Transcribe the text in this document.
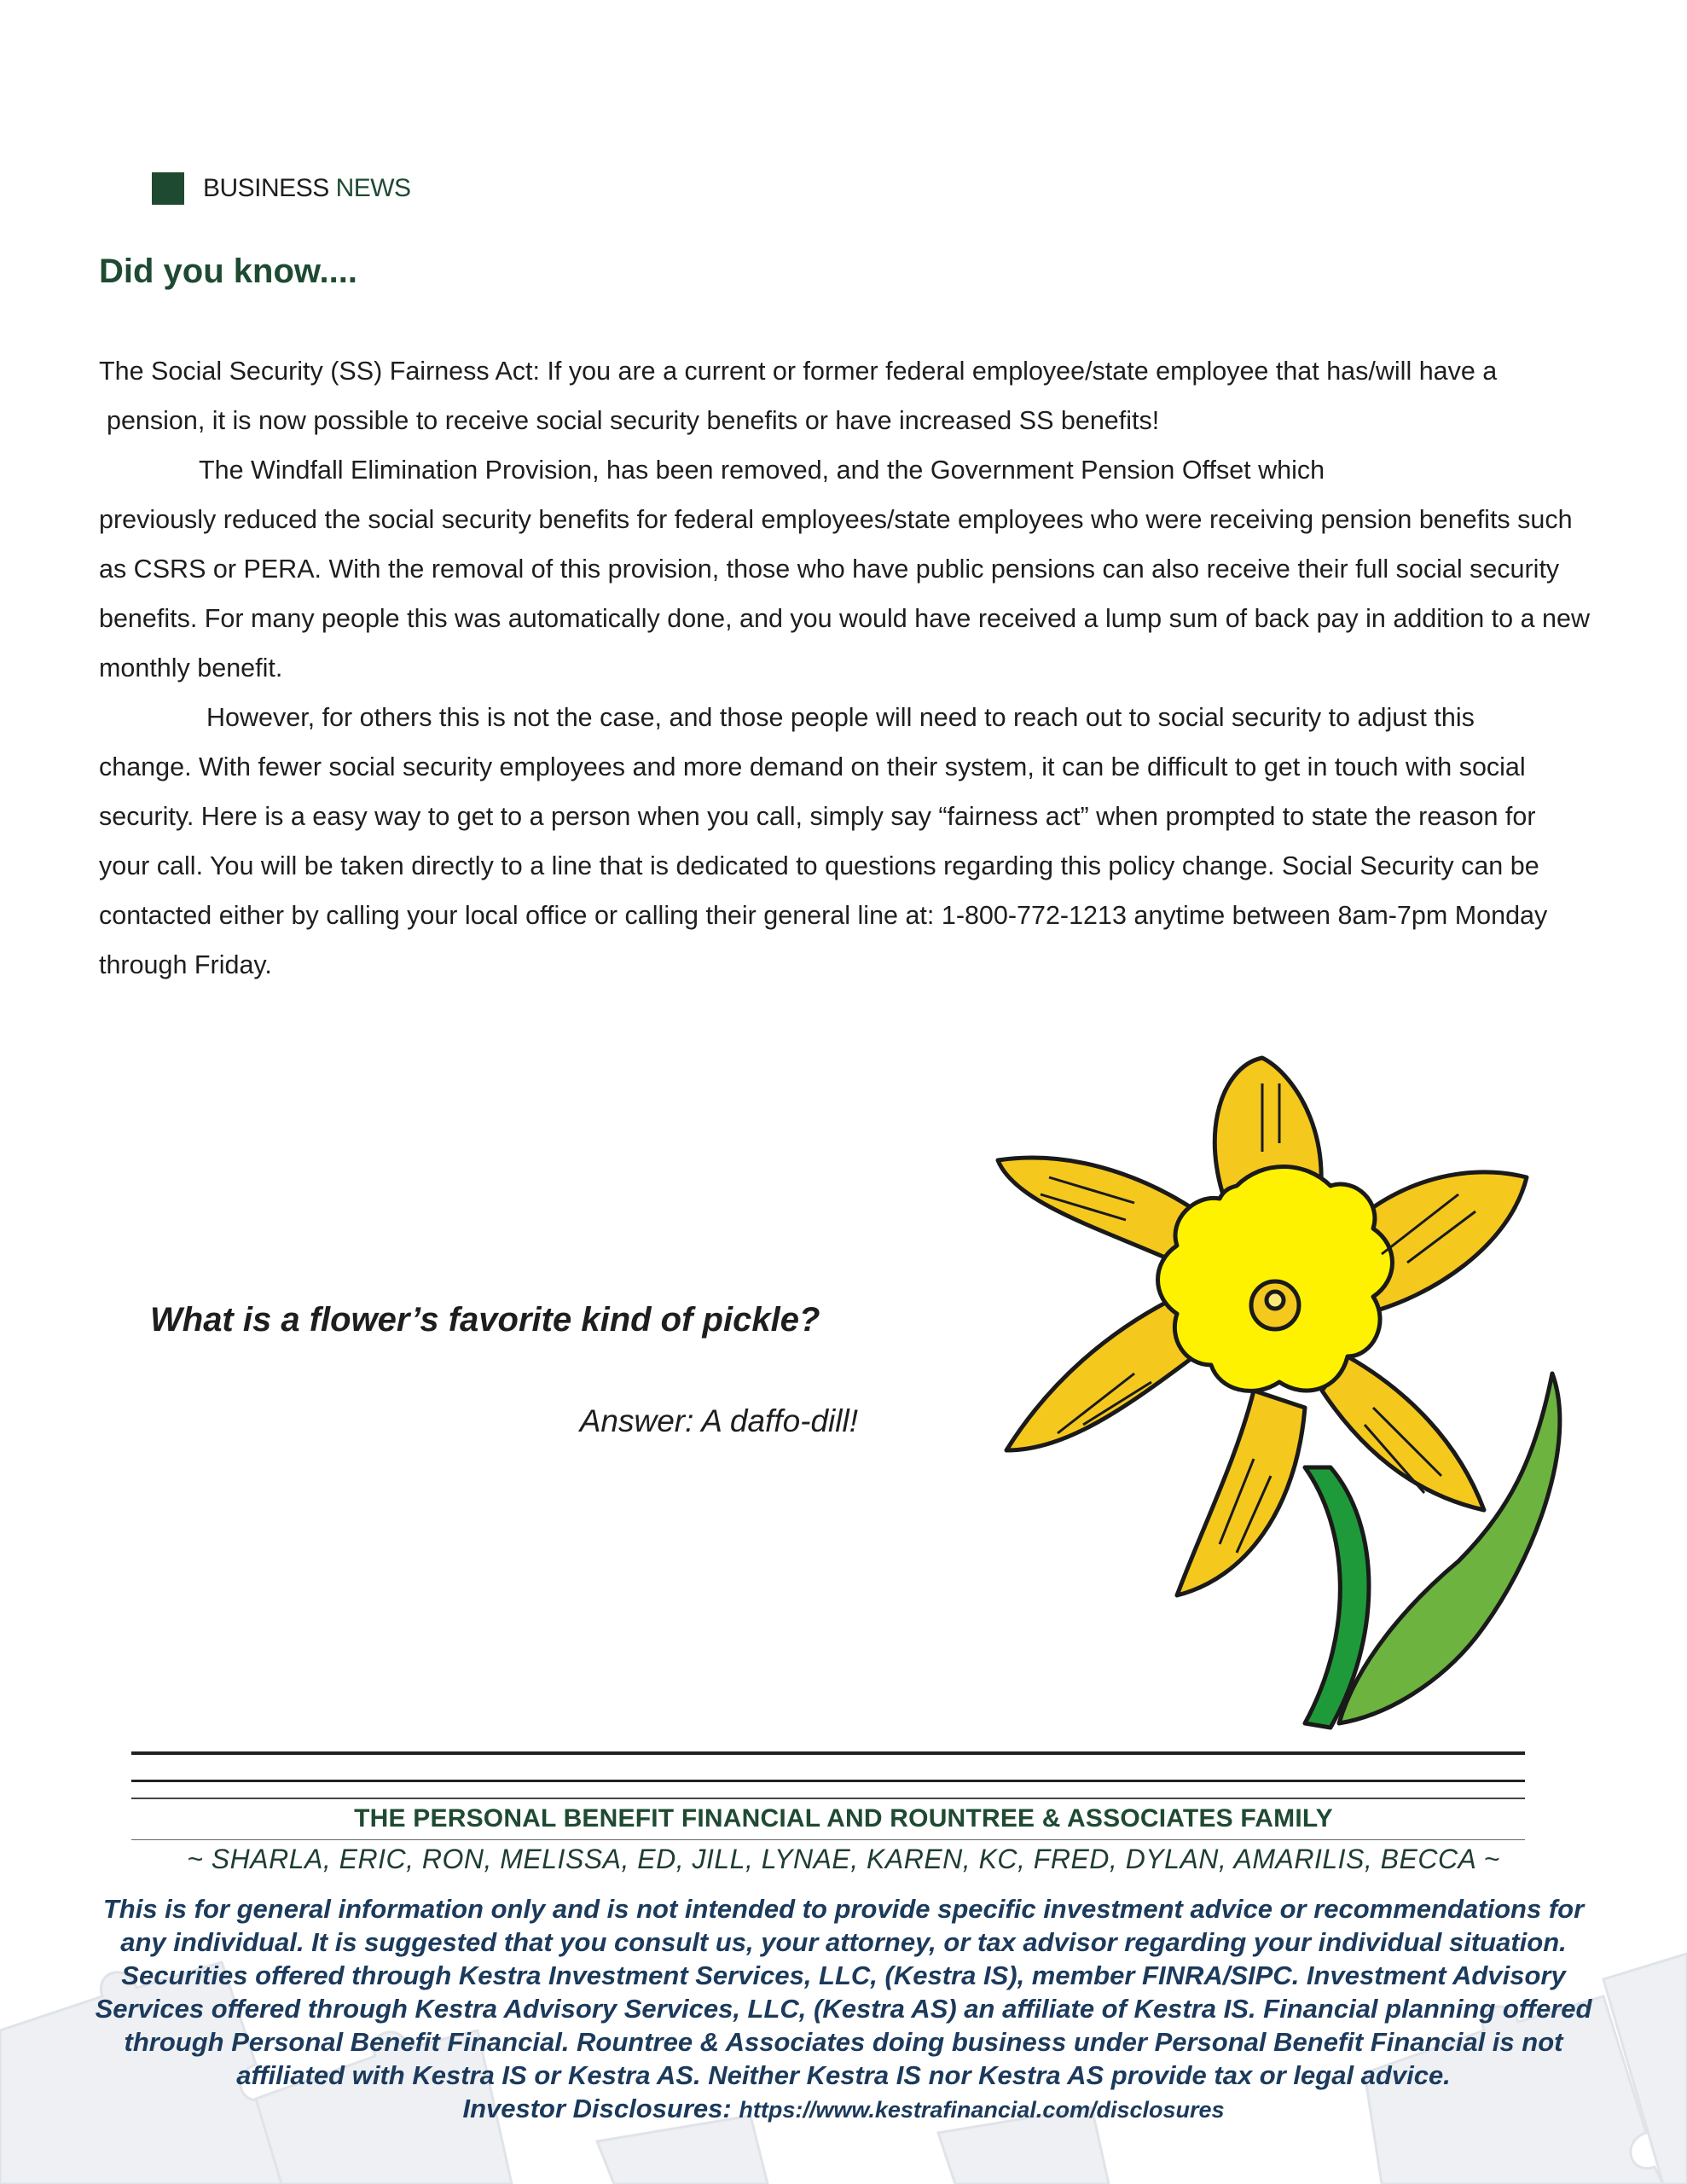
BUSINESS NEWS
Did you know....

The Social Security (SS) Fairness Act: If you are a current or former federal employee/state employee that has/will have a

pension, it is now possible to receive social security benefits or have increased SS benefits!

The Windfall Elimination Provision, has been removed, and the Government Pension Offset which

previously reduced the social security benefits for federal employees/state employees who were receiving pension benefits such as CSRS or PERA. With the removal of this provision, those who have public pensions can also receive their full social security benefits. For many people this was automatically done, and you would have received a lump sum of back pay in addition to a new monthly benefit.

However, for others this is not the case, and those people will need to reach out to social security to adjust this

change. With fewer social security employees and more demand on their system, it can be difficult to get in touch with social security. Here is a easy way to get to a person when you call, simply say “fairness act” when prompted to state the reason for your call. You will be taken directly to a line that is dedicated to questions regarding this policy change. Social Security can be contacted either by calling your local office or calling their general line at: 1-800-772-1213 anytime between 8am-7pm Monday through Friday.

What is a flower’s favorite kind of pickle?
Answer: A daffo-dill!
THE PERSONAL BENEFIT FINANCIAL AND ROUNTREE & ASSOCIATES FAMILY
~ SHARLA, ERIC, RON, MELISSA, ED, JILL, LYNAE, KAREN, KC, FRED, DYLAN, AMARILIS, BECCA ~
This is for general information only and is not intended to provide specific investment advice or recommendations for
any individual. It is suggested that you consult us, your attorney, or tax advisor regarding your individual situation.
Securities offered through Kestra Investment Services, LLC, (Kestra IS), member FINRA/SIPC. Investment Advisory
Services offered through Kestra Advisory Services, LLC, (Kestra AS) an affiliate of Kestra IS. Financial planning offered
through Personal Benefit Financial. Rountree & Associates doing business under Personal Benefit Financial is not
affiliated with Kestra IS or Kestra AS. Neither Kestra IS nor Kestra AS provide tax or legal advice.
Investor Disclosures: https://www.kestrafinancial.com/disclosures
